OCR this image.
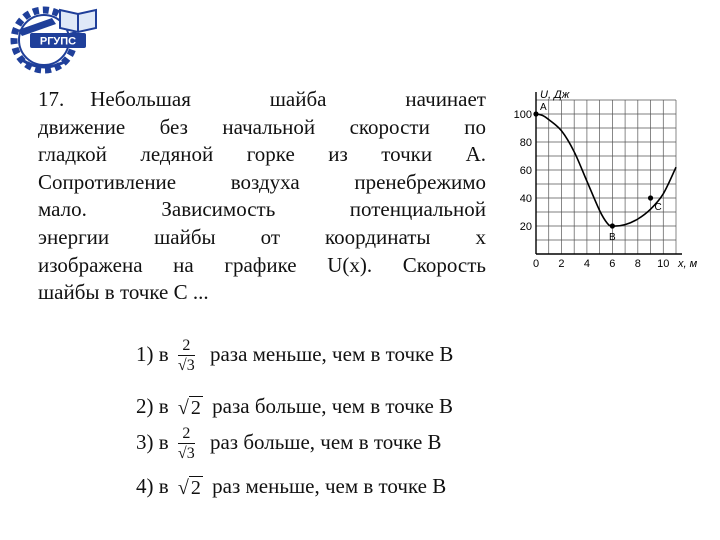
РГУПС
17. Небольшая шайба начинает
движение без начальной скорости по
гладкой ледяной горке из точки А.
Сопротивление воздуха пренебрежимо
мало. Зависимость потенциальной
энергии шайбы от координаты x
изображена на графике U(x). Скорость
шайбы в точке С ...
U, Дж
0 2 4 6 8 10 x, м
20
40
60
80
100
A
B
C
1) в $\frac{2}{√3}$ раза меньше, чем в точке В
2) в √ 2 раза больше, чем в точке В
3) в $\frac{2}{√3}$ раз больше, чем в точке В
4) в √ 2 раз меньше, чем в точке В
